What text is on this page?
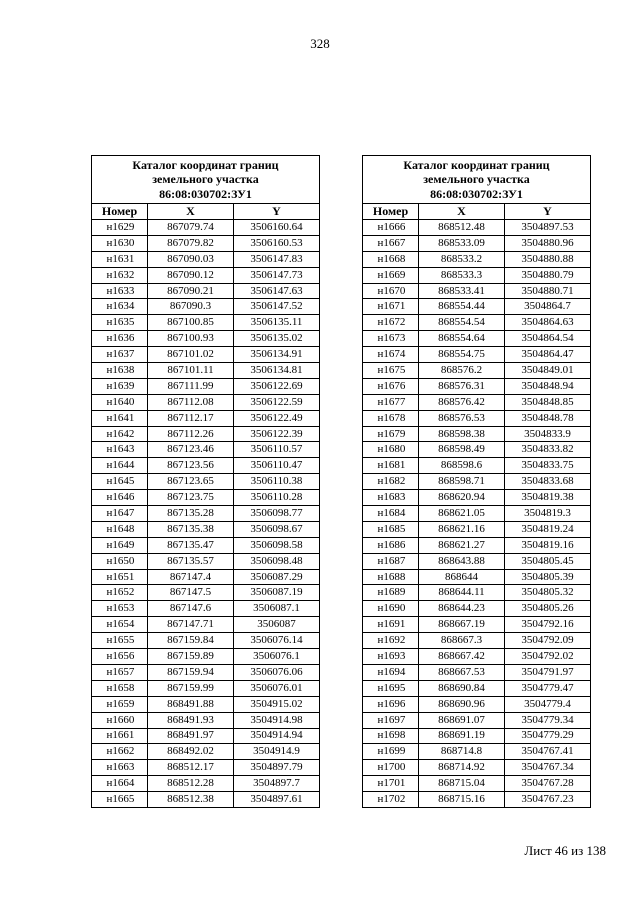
328
Каталог координат границ
земельного участка
86:08:030702:ЗУ1		

Номер	X	Y
н1629	867079.74	3506160.64
н1630	867079.82	3506160.53
н1631	867090.03	3506147.83
н1632	867090.12	3506147.73
н1633	867090.21	3506147.63
н1634	867090.3	3506147.52
н1635	867100.85	3506135.11
н1636	867100.93	3506135.02
н1637	867101.02	3506134.91
н1638	867101.11	3506134.81
н1639	867111.99	3506122.69
н1640	867112.08	3506122.59
н1641	867112.17	3506122.49
н1642	867112.26	3506122.39
н1643	867123.46	3506110.57
н1644	867123.56	3506110.47
н1645	867123.65	3506110.38
н1646	867123.75	3506110.28
н1647	867135.28	3506098.77
н1648	867135.38	3506098.67
н1649	867135.47	3506098.58
н1650	867135.57	3506098.48
н1651	867147.4	3506087.29
н1652	867147.5	3506087.19
н1653	867147.6	3506087.1
н1654	867147.71	3506087
н1655	867159.84	3506076.14
н1656	867159.89	3506076.1
н1657	867159.94	3506076.06
н1658	867159.99	3506076.01
н1659	868491.88	3504915.02
н1660	868491.93	3504914.98
н1661	868491.97	3504914.94
н1662	868492.02	3504914.9
н1663	868512.17	3504897.79
н1664	868512.28	3504897.7
н1665	868512.38	3504897.61
Каталог координат границ
земельного участка
86:08:030702:ЗУ1		

Номер	X	Y
н1666	868512.48	3504897.53
н1667	868533.09	3504880.96
н1668	868533.2	3504880.88
н1669	868533.3	3504880.79
н1670	868533.41	3504880.71
н1671	868554.44	3504864.7
н1672	868554.54	3504864.63
н1673	868554.64	3504864.54
н1674	868554.75	3504864.47
н1675	868576.2	3504849.01
н1676	868576.31	3504848.94
н1677	868576.42	3504848.85
н1678	868576.53	3504848.78
н1679	868598.38	3504833.9
н1680	868598.49	3504833.82
н1681	868598.6	3504833.75
н1682	868598.71	3504833.68
н1683	868620.94	3504819.38
н1684	868621.05	3504819.3
н1685	868621.16	3504819.24
н1686	868621.27	3504819.16
н1687	868643.88	3504805.45
н1688	868644	3504805.39
н1689	868644.11	3504805.32
н1690	868644.23	3504805.26
н1691	868667.19	3504792.16
н1692	868667.3	3504792.09
н1693	868667.42	3504792.02
н1694	868667.53	3504791.97
н1695	868690.84	3504779.47
н1696	868690.96	3504779.4
н1697	868691.07	3504779.34
н1698	868691.19	3504779.29
н1699	868714.8	3504767.41
н1700	868714.92	3504767.34
н1701	868715.04	3504767.28
н1702	868715.16	3504767.23
Лист 46 из 138
